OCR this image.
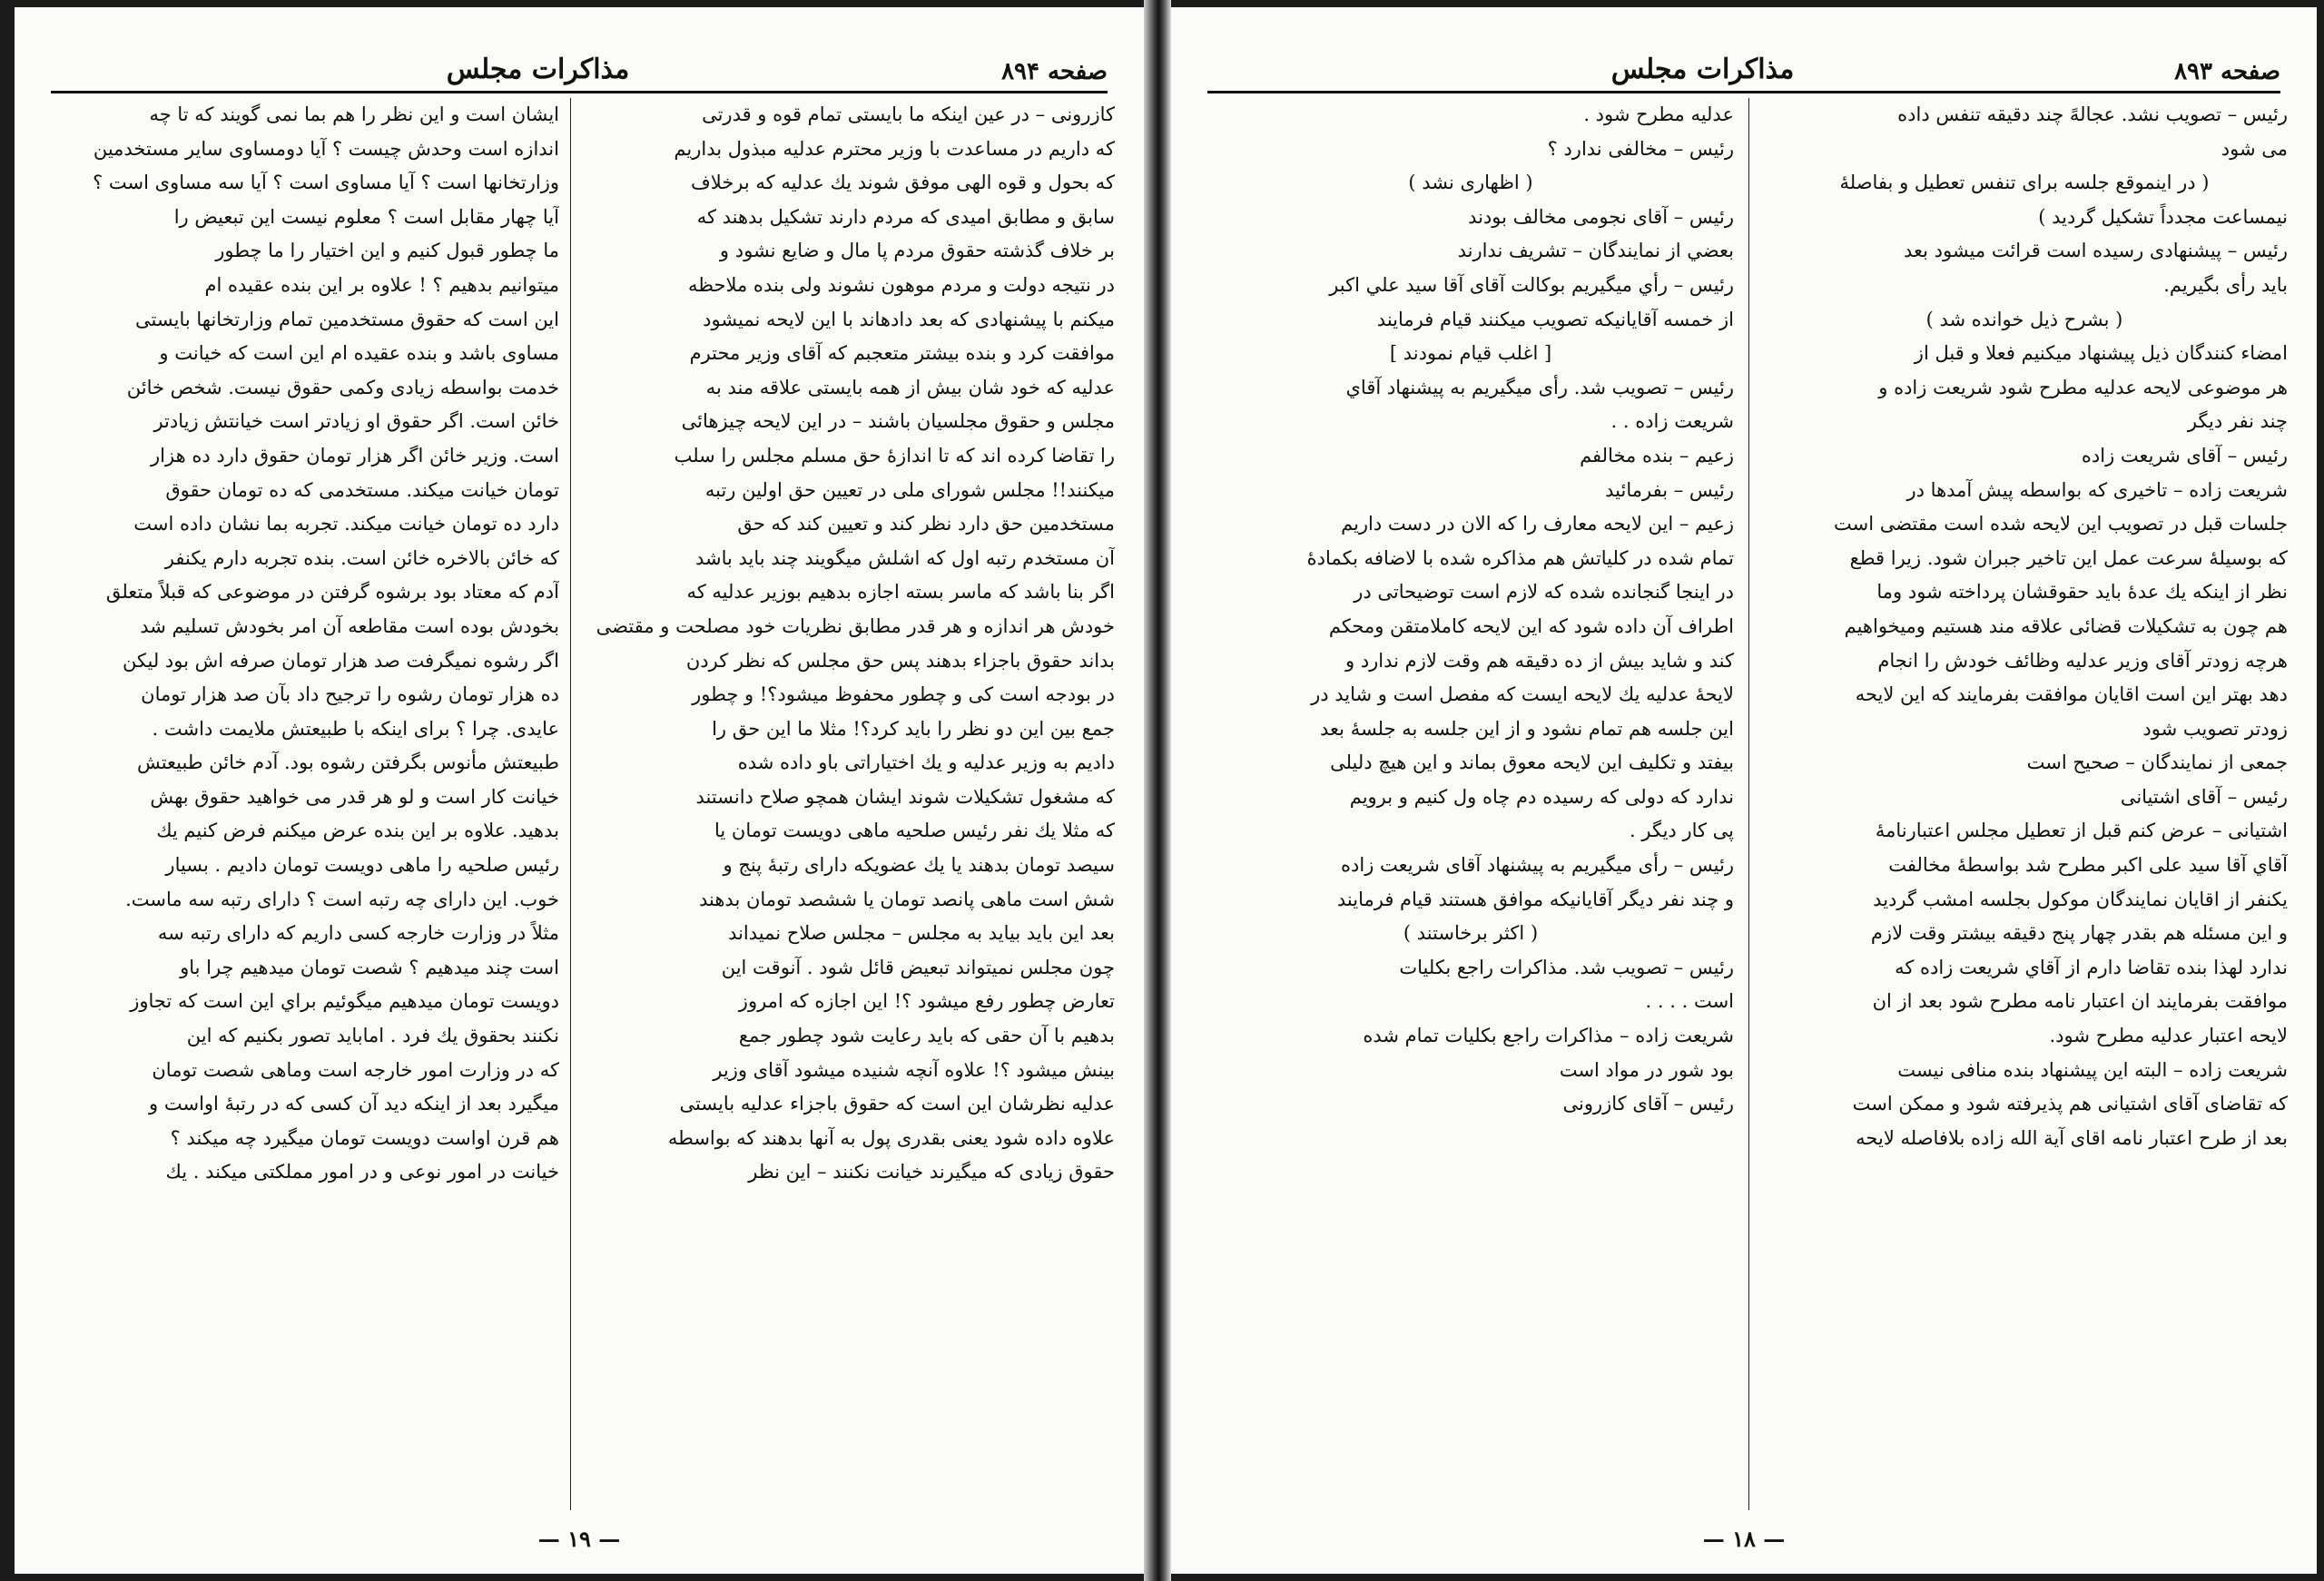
صفحه ۸۹۴
مذاكرات مجلس

کازرونی – در عین اینکه ما بایستی تمام قوه و قدرتی

که داریم در مساعدت با وزیر محترم عدلیه مبذول بداریم

که بحول و قوه الهی موفق شوند یك عدلیه که برخلاف

سابق و مطابق امیدی که مردم دارند تشکیل بدهند که

بر خلاف گذشته حقوق مردم پا مال و ضایع نشود و

در نتیجه دولت و مردم موهون نشوند ولی بنده ملاحظه

میکنم با پیشنهادی که بعد دادهاند با این لایحه نمیشود

موافقت کرد و بنده بیشتر متعجبم که آقای وزیر محترم

عدلیه که خود شان بیش از همه بایستی علاقه مند به

مجلس و حقوق مجلسیان باشند – در این لایحه چیزهائی

را تقاضا کرده اند که تا اندازهٔ حق مسلم مجلس را سلب

میکنند!! مجلس شورای ملی در تعیین حق اولین رتبه

مستخدمین حق دارد نظر کند و تعیین کند که حق

آن مستخدم رتبه اول که اشلش میگویند چند باید باشد

اگر بنا باشد که ماسر بسته اجازه بدهیم بوزیر عدلیه که

خودش هر اندازه و هر قدر مطابق نظریات خود مصلحت و مقتضی

بداند حقوق باجزاء بدهند پس حق مجلس که نظر کردن

در بودجه است کی و چطور محفوظ میشود؟! و چطور

جمع بین این دو نظر را باید کرد؟! مثلا ما این حق را

دادیم به وزیر عدلیه و یك اختیاراتی باو داده شده

که مشغول تشکیلات شوند ایشان همچو صلاح دانستند

که مثلا یك نفر رئیس صلحیه ماهی دویست تومان یا

سیصد تومان بدهند یا یك عضویکه دارای رتبهٔ پنج و

شش است ماهی پانصد تومان یا ششصد تومان بدهند

بعد این باید بیاید به مجلس – مجلس صلاح نمیداند

چون مجلس نمیتواند تبعیض قائل شود . آنوقت این

تعارض چطور رفع میشود ؟! این اجازه که امروز

بدهیم با آن حقی که باید رعایت شود چطور جمع

بینش میشود ؟! علاوه آنچه شنیده میشود آقای وزیر

عدلیه نظرشان این است که حقوق باجزاء عدلیه بایستی

علاوه داده شود یعنی بقدری پول به آنها بدهند که بواسطه

حقوق زیادی که میگیرند خیانت نکنند – این نظر

ایشان است و این نظر را هم بما نمی گویند که تا چه

اندازه است وحدش چیست ؟ آیا دومساوی سایر مستخدمین

وزارتخانها است ؟ آیا مساوی است ؟ آیا سه مساوی است ؟

آیا چهار مقابل است ؟ معلوم نیست این تبعیض را

ما چطور قبول کنیم و این اختیار را ما چطور

میتوانیم بدهیم ؟ ! علاوه بر این بنده عقیده ام

این است که حقوق مستخدمین تمام وزارتخانها بایستی

مساوی باشد و بنده عقیده ام این است که خیانت و

خدمت بواسطه زیادی وکمی حقوق نیست. شخص خائن

خائن است. اگر حقوق او زیادتر است خیانتش زیادتر

است. وزیر خائن اگر هزار تومان حقوق دارد ده هزار

تومان خیانت میکند. مستخدمی که ده تومان حقوق

دارد ده تومان خیانت میکند. تجربه بما نشان داده است

که خائن بالاخره خائن است. بنده تجربه دارم یکنفر

آدم که معتاد بود برشوه گرفتن در موضوعی که قبلاً متعلق

بخودش بوده است مقاطعه آن امر بخودش تسلیم شد

اگر رشوه نمیگرفت صد هزار تومان صرفه اش بود لیکن

ده هزار تومان رشوه را ترجیح داد بآن صد هزار تومان

عایدی. چرا ؟ برای اینکه با طبیعتش ملایمت داشت .

طبیعتش مأنوس بگرفتن رشوه بود. آدم خائن طبیعتش

خیانت کار است و لو هر قدر می خواهید حقوق بهش

بدهید. علاوه بر این بنده عرض میکنم فرض کنیم یك

رئیس صلحیه را ماهی دویست تومان دادیم . بسیار

خوب. این دارای چه رتبه است ؟ دارای رتبه سه ماست.

مثلاً در وزارت خارجه کسی داریم که دارای رتبه سه

است چند میدهیم ؟ شصت تومان میدهیم چرا باو

دویست تومان میدهیم میگوئیم براي این است که تجاوز

نکنند بحقوق یك فرد . امابايد تصور بكنيم كه این

که در وزارت امور خارجه است وماهی شصت تومان

میگیرد بعد از اینکه دید آن کسی که در رتبهٔ اواست و

هم قرن اواست دویست تومان میگیرد چه میکند ؟

خیانت در امور نوعی و در امور مملکتی میکند . یك

— ۱۹ —
صفحه ۸۹۳
مذاكرات مجلس

رئیس – تصویب نشد. عجالهً چند دقیقه تنفس داده

می شود

( در اینموقع جلسه برای تنفس تعطیل و بفاصلهٔ

نیمساعت مجدداً تشکیل گردید )

رئیس – پیشنهادی رسیده است قرائت میشود بعد

باید رأی بگیریم.

( بشرح ذیل خوانده شد )

امضاء کنندگان ذیل پیشنهاد میکنیم فعلا و قبل از

هر موضوعی لایحه عدلیه مطرح شود شریعت زاده و

چند نفر دیگر

رئیس – آقای شریعت زاده

شریعت زاده – تاخیری که بواسطه پیش آمدها در

جلسات قبل در تصویب این لایحه شده است مقتضی است

که بوسیلهٔ سرعت عمل این تاخیر جبران شود. زیرا قطع

نظر از اینکه یك عدهٔ باید حقوقشان پرداخته شود وما

هم چون به تشکیلات قضائی علاقه مند هستیم ومیخواهیم

هرچه زودتر آقای وزیر عدلیه وظائف خودش را انجام

دهد بهتر این است اقایان موافقت بفرمایند که این لایحه

زودتر تصویب شود

جمعی از نمایندگان – صحیح است

رئیس – آقای اشتیانی

اشتیانی – عرض کنم قبل از تعطیل مجلس اعتبارنامهٔ

آقاي آقا سید علی اکبر مطرح شد بواسطهٔ مخالفت

یکنفر از اقایان نمایندگان موکول بجلسه امشب گردید

و این مسئله هم بقدر چهار پنج دقیقه بیشتر وقت لازم

ندارد لهذا بنده تقاضا دارم از آقاي شریعت زاده که

موافقت بفرمایند ان اعتبار نامه مطرح شود بعد از ان

لایحه اعتبار عدلیه مطرح شود.

شریعت زاده – البته این پیشنهاد بنده منافی نیست

که تقاضای آقای اشتیانی هم پذیرفته شود و ممکن است

بعد از طرح اعتبار نامه اقای آیة الله زاده بلافاصله لایحه

عدلیه مطرح شود .

رئیس – مخالفی ندارد ؟

( اظهاری نشد )

رئیس – آقای نجومی مخالف بودند

بعضي از نمایندگان – تشریف ندارند

رئیس – رأي میگیریم بوکالت آقای آقا سید علي اکبر

از خمسه آقایانیکه تصویب میکنند قیام فرمایند

[ اغلب قیام نمودند ]

رئیس – تصویب شد. رأی میگیریم به پیشنهاد آقاي

شریعت زاده . .

زعیم – بنده مخالفم

رئیس – بفرمائید

زعیم – این لایحه معارف را که الان در دست داریم

تمام شده در کلیاتش هم مذاکره شده با لاضافه بکمادهٔ

در اینجا گنجانده شده که لازم است توضیحاتی در

اطراف آن داده شود که این لایحه کاملامتقن ومحکم

کند و شاید بیش از ده دقیقه هم وقت لازم ندارد و

لایحهٔ عدلیه یك لایحه ایست که مفصل است و شاید در

این جلسه هم تمام نشود و از این جلسه به جلسهٔ بعد

بیفتد و تکلیف این لایحه معوق بماند و این هیچ دلیلی

ندارد که دولی که رسیده دم چاه ول کنیم و برویم

پی کار دیگر .

رئیس – رأی میگیریم به پیشنهاد آقای شریعت زاده

و چند نفر دیگر آقایانیکه موافق هستند قیام فرمایند

( اکثر برخاستند )

رئیس – تصویب شد. مذاکرات راجع بکلیات

است . . . .

شریعت زاده – مذاکرات راجع بکلیات تمام شده

بود شور در مواد است

رئیس – آقای کازرونی

— ۱۸ —
